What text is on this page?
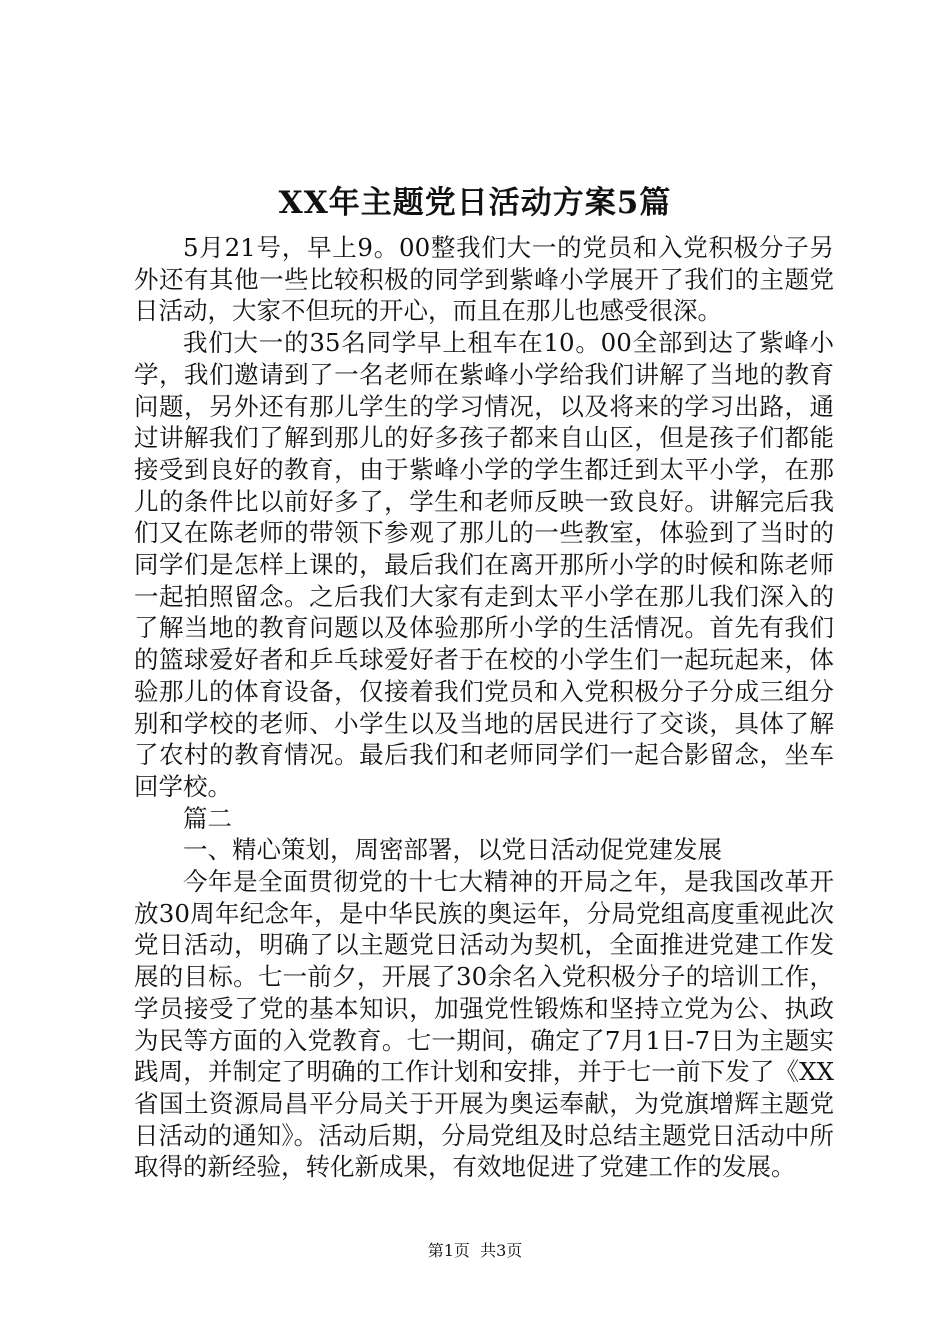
XX年主题党日活动方案5篇

5月21号，早上9。00整我们大一的党员和入党积极分子另外还有其他一些比较积极的同学到紫峰小学展开了我们的主题党日活动，大家不但玩的开心，而且在那儿也感受很深。

我们大一的35名同学早上租车在10。00全部到达了紫峰小学，我们邀请到了一名老师在紫峰小学给我们讲解了当地的教育问题，另外还有那儿学生的学习情况，以及将来的学习出路，通过讲解我们了解到那儿的好多孩子都来自山区，但是孩子们都能接受到良好的教育，由于紫峰小学的学生都迁到太平小学，在那儿的条件比以前好多了，学生和老师反映一致良好。讲解完后我们又在陈老师的带领下参观了那儿的一些教室，体验到了当时的同学们是怎样上课的，最后我们在离开那所小学的时候和陈老师一起拍照留念。之后我们大家有走到太平小学在那儿我们深入的了解当地的教育问题以及体验那所小学的生活情况。首先有我们的篮球爱好者和乒乓球爱好者于在校的小学生们一起玩起来，体验那儿的体育设备，仅接着我们党员和入党积极分子分成三组分别和学校的老师、小学生以及当地的居民进行了交谈，具体了解了农村的教育情况。最后我们和老师同学们一起合影留念，坐车回学校。

篇二

一、精心策划，周密部署，以党日活动促党建发展

今年是全面贯彻党的十七大精神的开局之年，是我国改革开放30周年纪念年，是中华民族的奥运年，分局党组高度重视此次党日活动，明确了以主题党日活动为契机，全面推进党建工作发展的目标。七一前夕，开展了30余名入党积极分子的培训工作，学员接受了党的基本知识，加强党性锻炼和坚持立党为公、执政为民等方面的入党教育。七一期间，确定了7月1日-7日为主题实践周，并制定了明确的工作计划和安排，并于七一前下发了《XX省国土资源局昌平分局关于开展为奥运奉献，为党旗增辉主题党日活动的通知》。活动后期，分局党组及时总结主题党日活动中所取得的新经验，转化新成果，有效地促进了党建工作的发展。

第1页  共3页
